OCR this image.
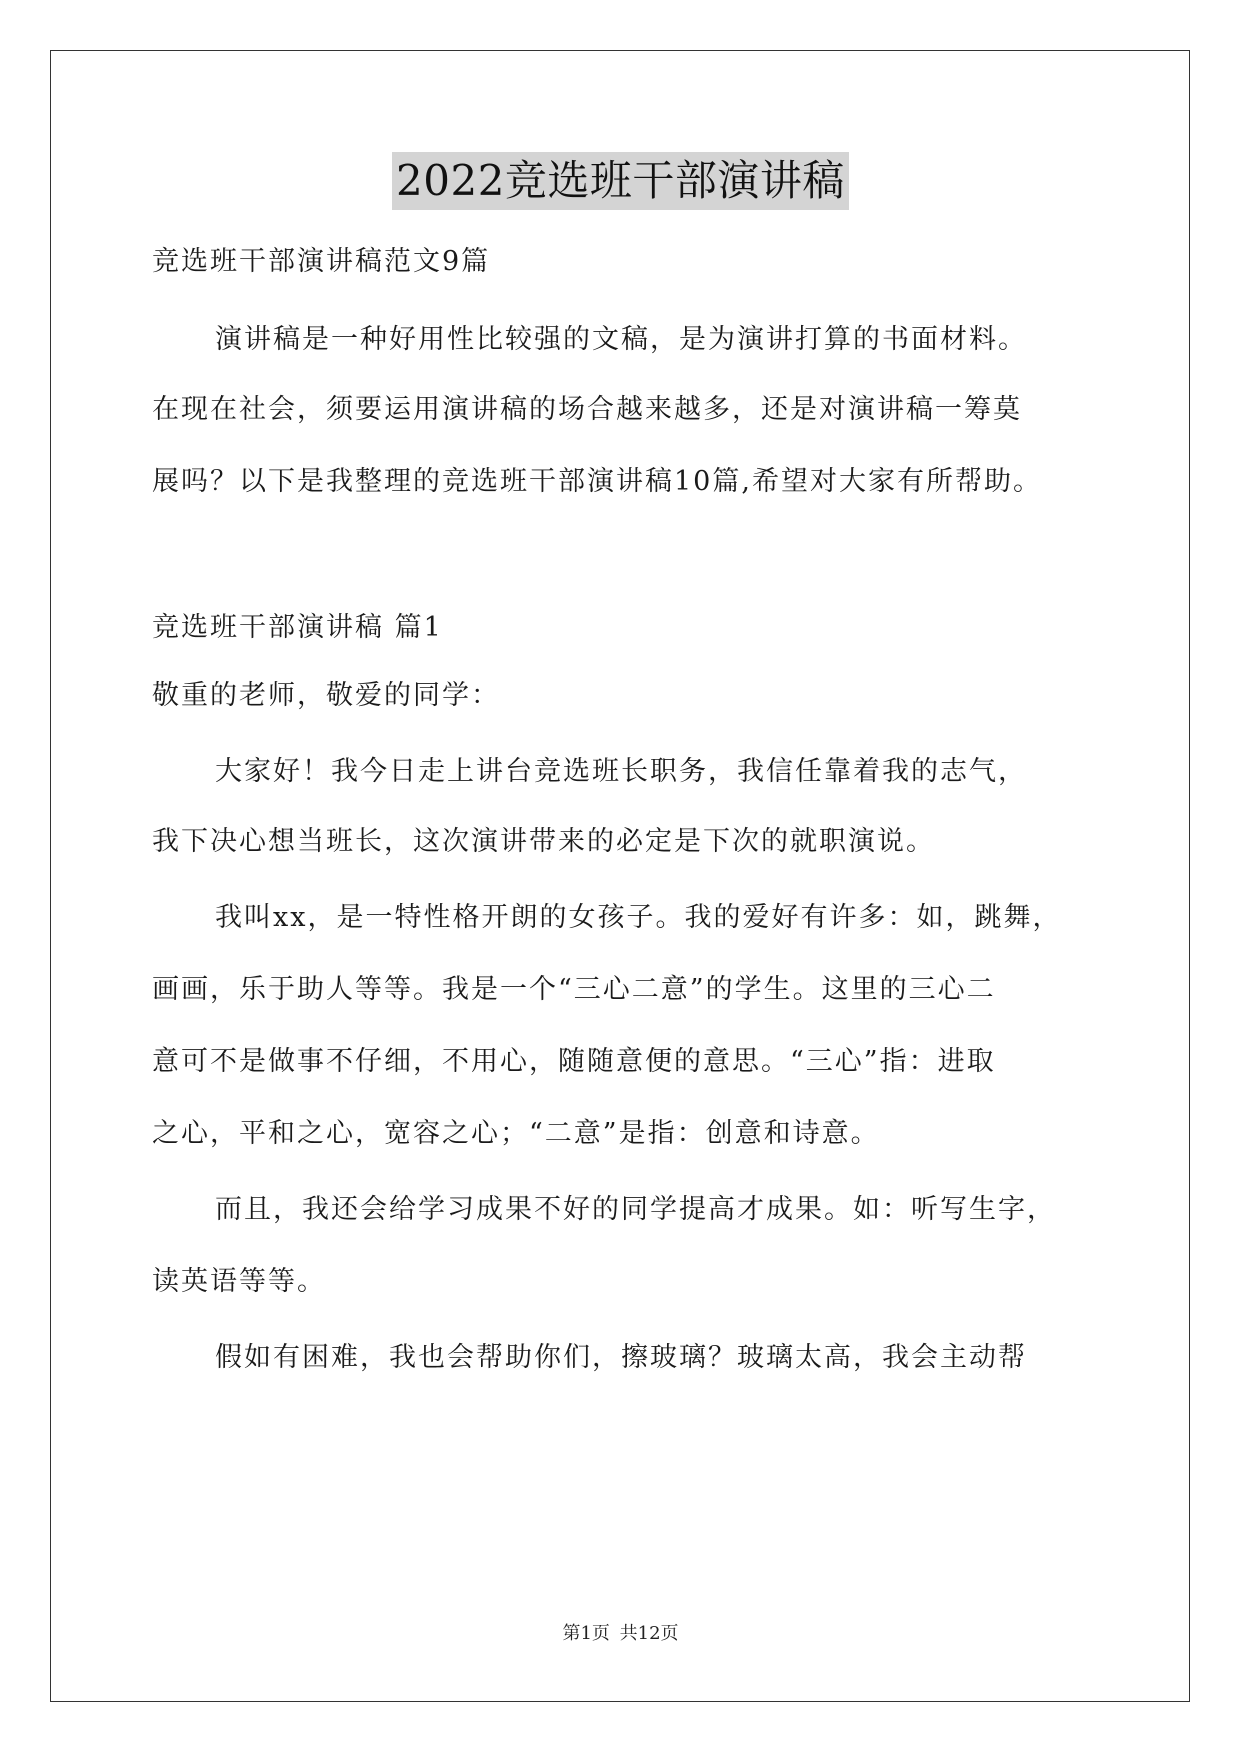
2022竞选班干部演讲稿
竞选班干部演讲稿范文9篇
演讲稿是一种好用性比较强的文稿，是为演讲打算的书面材料。
在现在社会，须要运用演讲稿的场合越来越多，还是对演讲稿一筹莫
展吗？以下是我整理的竞选班干部演讲稿10篇,希望对大家有所帮助。
竞选班干部演讲稿 篇1
敬重的老师，敬爱的同学：
大家好！我今日走上讲台竞选班长职务，我信任靠着我的志气，
我下决心想当班长，这次演讲带来的必定是下次的就职演说。
我叫xx，是一特性格开朗的女孩子。我的爱好有许多：如，跳舞，
画画，乐于助人等等。我是一个“三心二意”的学生。这里的三心二
意可不是做事不仔细，不用心，随随意便的意思。“三心”指：进取
之心，平和之心，宽容之心；“二意”是指：创意和诗意。
而且，我还会给学习成果不好的同学提高才成果。如：听写生字，
读英语等等。
假如有困难，我也会帮助你们，擦玻璃？玻璃太高，我会主动帮
第1页 共12页
